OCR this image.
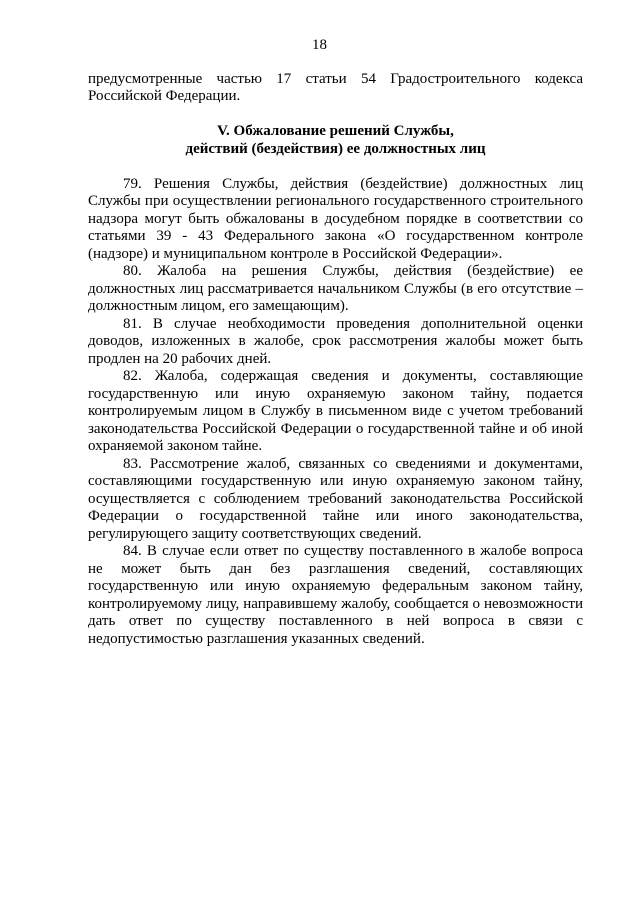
18

предусмотренные частью 17 статьи 54 Градостроительного кодекса Российской Федерации.

V. Обжалование решений Службы,
действий (бездействия) ее должностных лиц

79. Решения Службы, действия (бездействие) должностных лиц Службы при осуществлении регионального государственного строительного надзора могут быть обжалованы в досудебном порядке в соответствии со статьями 39 - 43 Федерального закона «О государственном контроле (надзоре) и муниципальном контроле в Российской Федерации».

80. Жалоба на решения Службы, действия (бездействие) ее должностных лиц рассматривается начальником Службы (в его отсутствие – должностным лицом, его замещающим).

81. В случае необходимости проведения дополнительной оценки доводов, изложенных в жалобе, срок рассмотрения жалобы может быть продлен на 20 рабочих дней.

82. Жалоба, содержащая сведения и документы, составляющие государственную или иную охраняемую законом тайну, подается контролируемым лицом в Службу в письменном виде с учетом требований законодательства Российской Федерации о государственной тайне и об иной охраняемой законом тайне.

83. Рассмотрение жалоб, связанных со сведениями и документами, составляющими государственную или иную охраняемую законом тайну, осуществляется с соблюдением требований законодательства Российской Федерации о государственной тайне или иного законодательства, регулирующего защиту соответствующих сведений.

84. В случае если ответ по существу поставленного в жалобе вопроса не может быть дан без разглашения сведений, составляющих государственную или иную охраняемую федеральным законом тайну, контролируемому лицу, направившему жалобу, сообщается о невозможности дать ответ по существу поставленного в ней вопроса в связи с недопустимостью разглашения указанных сведений.
